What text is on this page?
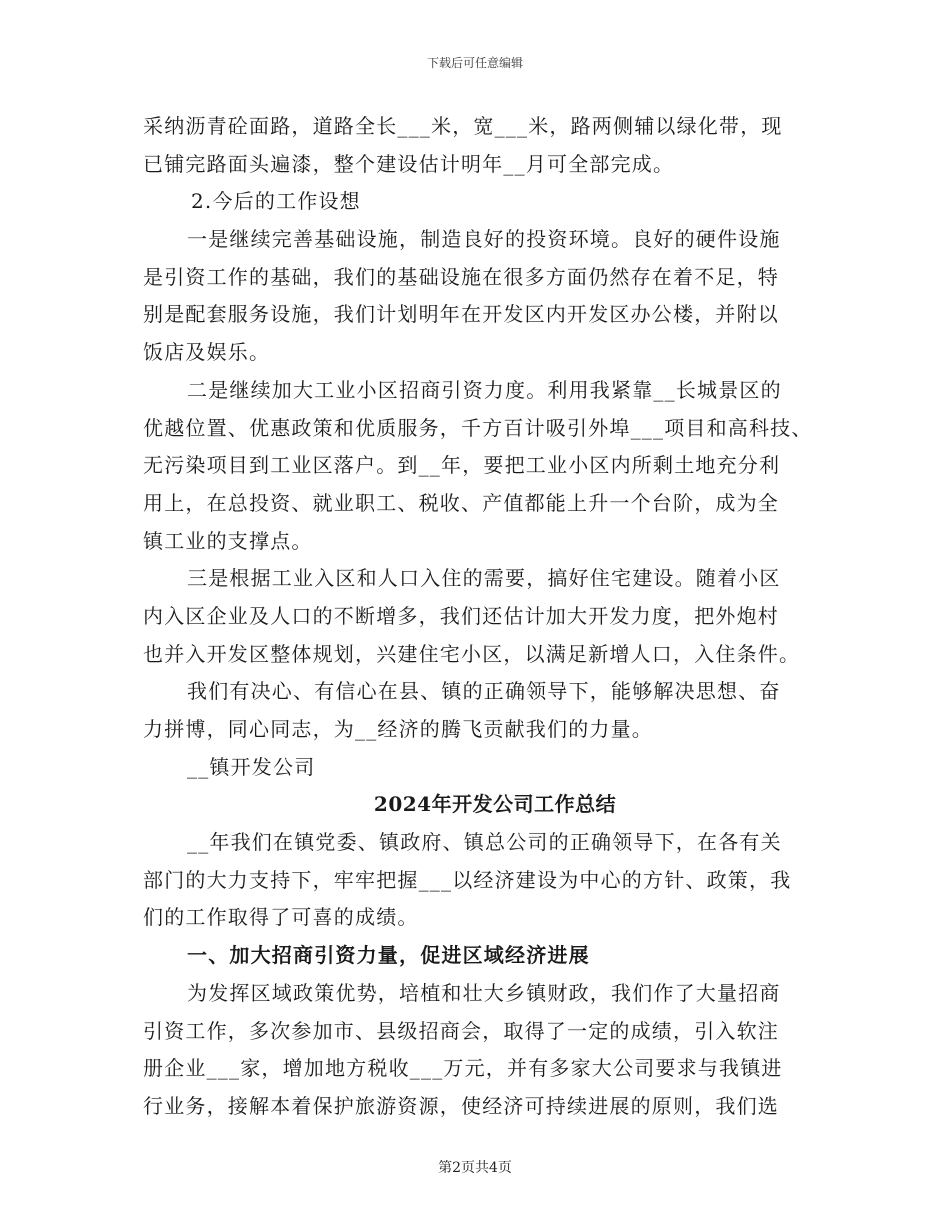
下载后可任意编辑
采纳沥青砼面路，道路全长___米，宽___米，路两侧辅以绿化带，现
已铺完路面头遍漆，整个建设估计明年__月可全部完成。
2.今后的工作设想
一是继续完善基础设施，制造良好的投资环境。良好的硬件设施
是引资工作的基础，我们的基础设施在很多方面仍然存在着不足，特
别是配套服务设施，我们计划明年在开发区内开发区办公楼，并附以
饭店及娱乐。
二是继续加大工业小区招商引资力度。利用我紧靠__长城景区的
优越位置、优惠政策和优质服务，千方百计吸引外埠___项目和高科技、
无污染项目到工业区落户。到__年，要把工业小区内所剩土地充分利
用上，在总投资、就业职工、税收、产值都能上升一个台阶，成为全
镇工业的支撑点。
三是根据工业入区和人口入住的需要，搞好住宅建设。随着小区
内入区企业及人口的不断增多，我们还估计加大开发力度，把外炮村
也并入开发区整体规划，兴建住宅小区，以满足新增人口，入住条件。
我们有决心、有信心在县、镇的正确领导下，能够解决思想、奋
力拼博，同心同志，为__经济的腾飞贡献我们的力量。
__镇开发公司
2024年开发公司工作总结
__年我们在镇党委、镇政府、镇总公司的正确领导下，在各有关
部门的大力支持下，牢牢把握___以经济建设为中心的方针、政策，我
们的工作取得了可喜的成绩。
一、加大招商引资力量，促进区域经济进展
为发挥区域政策优势，培植和壮大乡镇财政，我们作了大量招商
引资工作，多次参加市、县级招商会，取得了一定的成绩，引入软注
册企业___家，增加地方税收___万元，并有多家大公司要求与我镇进
行业务，接解本着保护旅游资源，使经济可持续进展的原则，我们选
第2页共4页
